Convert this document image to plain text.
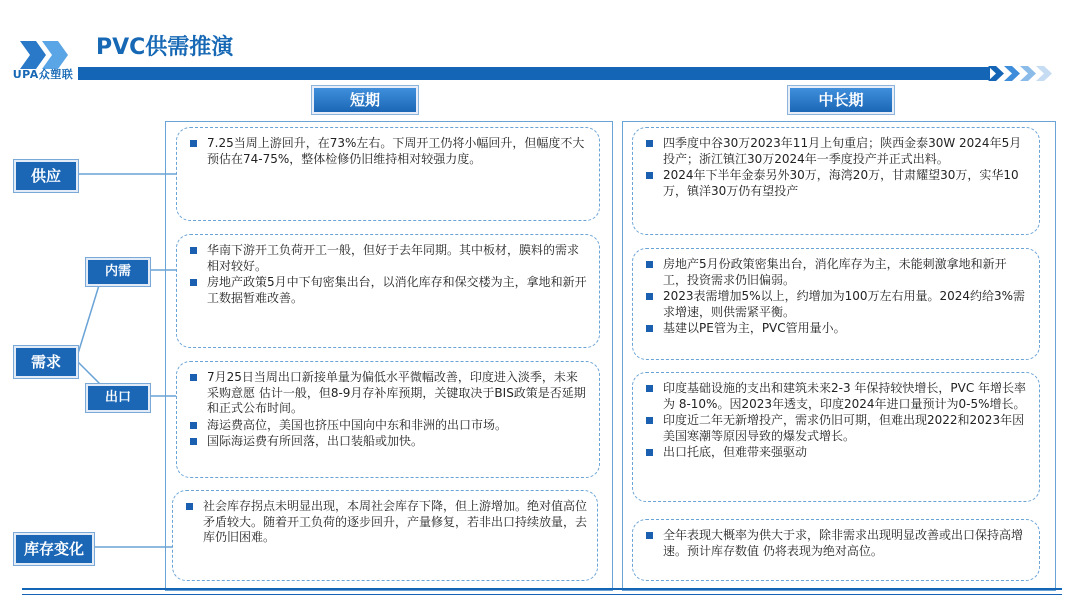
UPA众塑联
PVC供需推演
短期	中长期
供应
需求
内需
出口
库存变化
7.25当周上游回升，在73%左右。下周开工仍将小幅回升，但幅度不大预估在74-75%，整体检修仍旧维持相对较强力度。
华南下游开工负荷开工一般，但好于去年同期。其中板材，膜料的需求相对较好。
房地产政策5月中下旬密集出台，以消化库存和保交楼为主，拿地和新开工数据暂难改善。
7月25日当周出口新接单量为偏低水平微幅改善，印度进入淡季，未来采购意愿 估计一般，但8-9月存补库预期，关键取决于BIS政策是否延期和正式公布时间。
海运费高位，美国也挤压中国向中东和非洲的出口市场。
国际海运费有所回落，出口装船或加快。
社会库存拐点未明显出现，本周社会库存下降，但上游增加。绝对值高位矛盾较大。随着开工负荷的逐步回升，产量修复，若非出口持续放量，去库仍旧困难。
四季度中谷30万2023年11月上旬重启；陕西金泰30W 2024年5月投产；浙江镇江30万2024年一季度投产并正式出料。
2024年下半年金泰另外30万，海湾20万，甘肃耀望30万，实华10万，镇洋30万仍有望投产
房地产5月份政策密集出台，消化库存为主，未能刺激拿地和新开工，投资需求仍旧偏弱。
2023表需增加5%以上，约增加为100万左右用量。2024约给3%需求增速，则供需紧平衡。
基建以PE管为主，PVC管用量小。
印度基础设施的支出和建筑未来2-3 年保持较快增长，PVC 年增长率为 8-10%。因2023年透支，印度2024年进口量预计为0-5%增长。
印度近二年无新增投产，需求仍旧可期，但难出现2022和2023年因美国寒潮等原因导致的爆发式增长。
出口托底，但难带来强驱动
全年表现大概率为供大于求，除非需求出现明显改善或出口保持高增速。预计库存数值 仍将表现为绝对高位。
